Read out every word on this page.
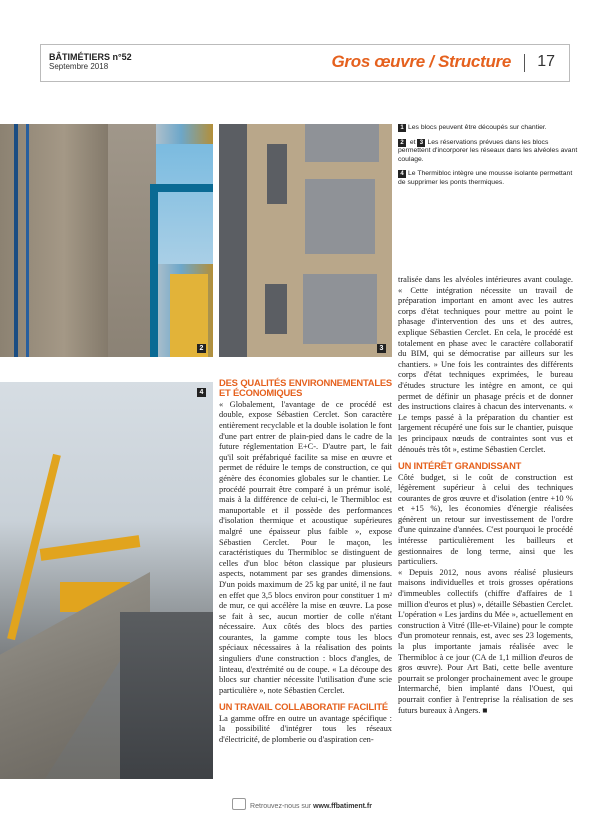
BÂTIMÉTIERS n°52
Septembre 2018	Gros œuvre / Structure 17
2	3
4
1 Les blocs peuvent être découpés sur chantier.
2 et 3 Les réservations prévues dans les blocs permettent d'incorporer les réseaux dans les alvéoles avant coulage.
4 Le Thermibloc intègre une mousse isolante permettant de supprimer les ponts thermiques.
DES QUALITÉS ENVIRONNEMENTALES ET ÉCONOMIQUES

« Globalement, l'avantage de ce procédé est double, expose Sébastien Cerclet. Son caractère entièrement recyclable et la double isolation le font d'une part entrer de plain-pied dans le cadre de la future réglementation E+C-. D'autre part, le fait qu'il soit préfabriqué facilite sa mise en œuvre et permet de réduire le temps de construction, ce qui génère des économies globales sur le chantier. Le procédé pourrait être comparé à un prémur isolé, mais à la différence de celui-ci, le Thermibloc est manuportable et il possède des performances d'isolation thermique et acoustique supérieures malgré une épaisseur plus faible », expose Sébastien Cerclet. Pour le maçon, les caractéristiques du Thermibloc se distinguent de celles d'un bloc béton classique par plusieurs aspects, notamment par ses grandes dimensions. D'un poids maximum de 25 kg par unité, il ne faut en effet que 3,5 blocs environ pour constituer 1 m² de mur, ce qui accélère la mise en œuvre. La pose se fait à sec, aucun mortier de colle n'étant nécessaire. Aux côtés des blocs des parties courantes, la gamme compte tous les blocs spéciaux nécessaires à la réalisation des points singuliers d'une construction : blocs d'angles, de linteau, d'extrémité ou de coupe. « La découpe des blocs sur chantier nécessite l'utilisation d'une scie particulière », note Sébastien Cerclet.

UN TRAVAIL COLLABORATIF FACILITÉ

La gamme offre en outre un avantage spécifique : la possibilité d'intégrer tous les réseaux d'électricité, de plomberie ou d'aspiration cen-

tralisée dans les alvéoles intérieures avant coulage. « Cette intégration nécessite un travail de préparation important en amont avec les autres corps d'état techniques pour mettre au point le phasage d'intervention des uns et des autres, explique Sébastien Cerclet. En cela, le procédé est totalement en phase avec le caractère collaboratif du BIM, qui se démocratise par ailleurs sur les chantiers. » Une fois les contraintes des différents corps d'état techniques exprimées, le bureau d'études structure les intègre en amont, ce qui permet de définir un phasage précis et de donner des instructions claires à chacun des intervenants. « Le temps passé à la préparation du chantier est largement récupéré une fois sur le chantier, puisque les principaux nœuds de contraintes sont vus et dénoués très tôt », estime Sébastien Cerclet.

UN INTÉRÊT GRANDISSANT

Côté budget, si le coût de construction est légèrement supérieur à celui des techniques courantes de gros œuvre et d'isolation (entre +10 % et +15 %), les économies d'énergie réalisées génèrent un retour sur investissement de l'ordre d'une quinzaine d'années. C'est pourquoi le procédé intéresse particulièrement les bailleurs et gestionnaires de long terme, ainsi que les particuliers.

« Depuis 2012, nous avons réalisé plusieurs maisons individuelles et trois grosses opérations d'immeubles collectifs (chiffre d'affaires de 1 million d'euros et plus) », détaille Sébastien Cerclet. L'opération « Les jardins du Mée », actuellement en construction à Vitré (Ille-et-Vilaine) pour le compte d'un promoteur rennais, est, avec ses 23 logements, la plus importante jamais réalisée avec le Thermibloc à ce jour (CA de 1,1 million d'euros de gros œuvre). Pour Art Bati, cette belle aventure pourrait se prolonger prochainement avec le groupe Intermarché, bien implanté dans l'Ouest, qui pourrait confier à l'entreprise la réalisation de ses futurs bureaux à Angers. ■

Retrouvez-nous sur www.ffbatiment.fr
